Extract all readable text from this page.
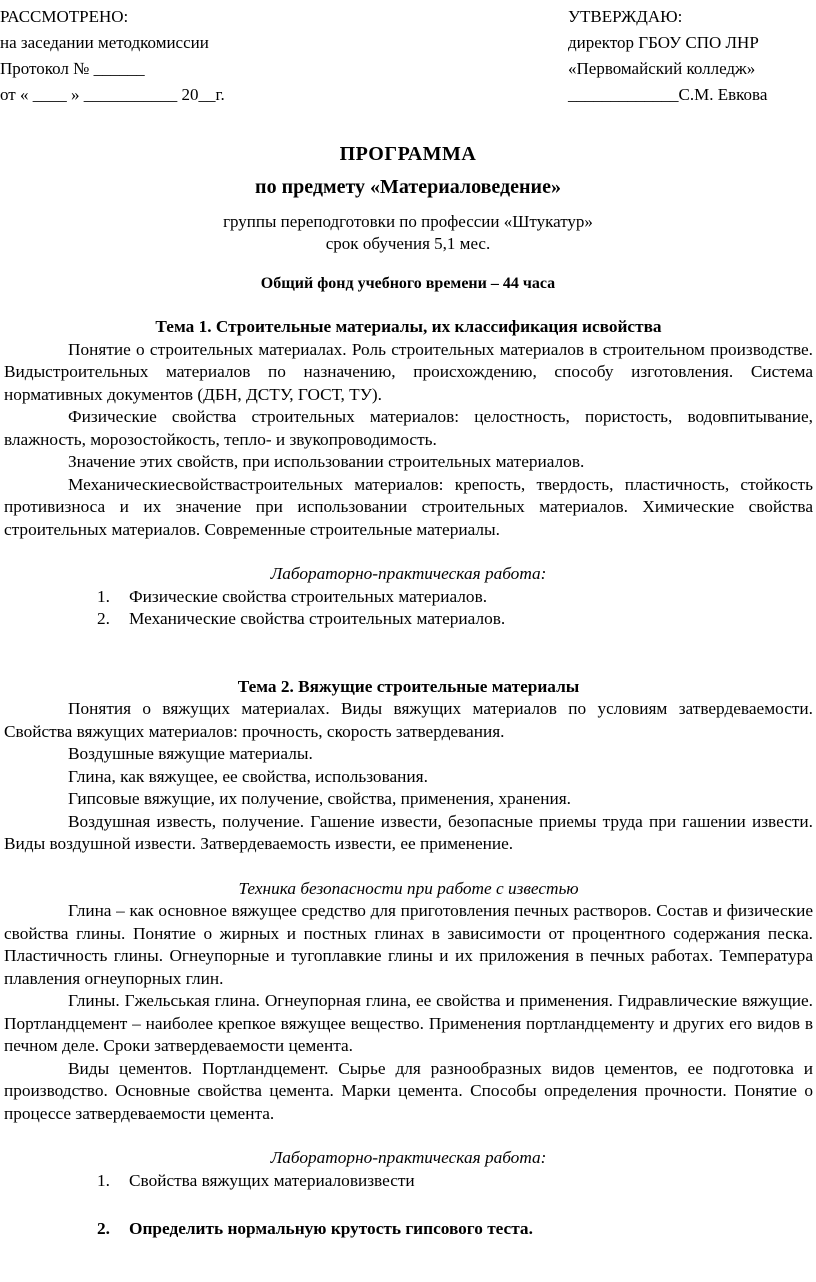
РАССМОТРЕНО:
на заседании методкомиссии
Протокол № ______
от « ____ » ___________ 20__г.
УТВЕРЖДАЮ:
директор ГБОУ СПО ЛНР
«Первомайский колледж»
_____________С.М. Евкова
ПРОГРАММА
по предмету «Материаловедение»
группы переподготовки по профессии «Штукатур»
срок обучения 5,1 мес.
Общий фонд учебного времени – 44 часа
Тема 1. Строительные материалы, их классификация исвойства

Понятие о строительных материалах. Роль строительных материалов в строительном производстве. Видыстроительных материалов по назначению, происхождению, способу изготовления. Система нормативных документов (ДБН, ДСТУ, ГОСТ, ТУ).

Физические свойства строительных материалов: целостность, пористость, водовпитывание, влажность, морозостойкость, тепло- и звукопроводимость.

Значение этих свойств, при использовании строительных материалов.

Механическиесвойствастроительных материалов: крепость, твердость, пластичность, стойкость противизноса и их значение при использовании строительных материалов. Химические свойства строительных материалов. Современные строительные материалы.

Лабораторно-практическая работа:
1.	Физические свойства строительных материалов.
2.	Механические свойства строительных материалов.
Тема 2. Вяжущие строительные материалы

Понятия о вяжущих материалах. Виды вяжущих материалов по условиям затвердеваемости. Свойства вяжущих материалов: прочность, скорость затвердевания.

Воздушные вяжущие материалы.

Глина, как вяжущее, ее свойства, использования.

Гипсовые вяжущие, их получение, свойства, применения, хранения.

Воздушная известь, получение. Гашение извести, безопасные приемы труда при гашении извести. Виды воздушной извести. Затвердеваемость извести, ее применение.

Техника безопасности при работе с известью

Глина – как основное вяжущее средство для приготовления печных растворов. Состав и физические свойства глины. Понятие о жирных и постных глинах в зависимости от процентного содержания песка. Пластичность глины. Огнеупорные и тугоплавкие глины и их приложения в печных работах. Температура плавления огнеупорных глин.

Глины. Гжельськая глина. Огнеупорная глина, ее свойства и применения. Гидравлические вяжущие. Портландцемент – наиболее крепкое вяжущее вещество. Применения портландцементу и других его видов в печном деле. Сроки затвердеваемости цемента.

Виды цементов. Портландцемент. Сырье для разнообразных видов цементов, ее подготовка и производство. Основные свойства цемента. Марки цемента. Способы определения прочности. Понятие о процессе затвердеваемости цемента.

Лабораторно-практическая работа:
1.	Свойства вяжущих материаловизвести
2.	Определить нормальную крутость гипсового теста.
